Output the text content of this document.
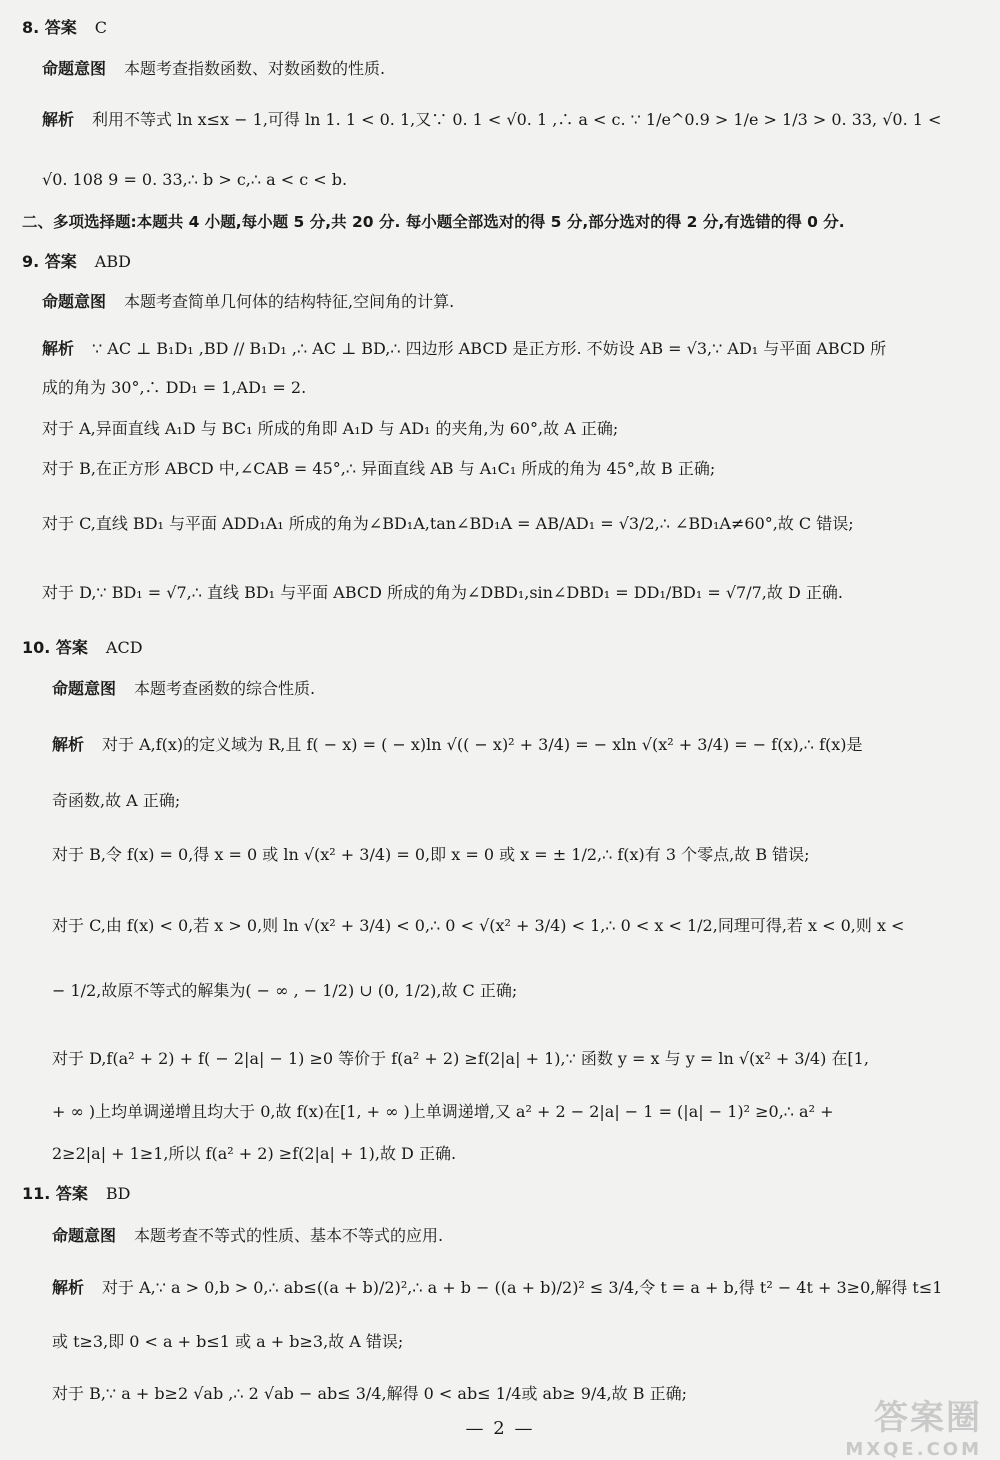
8. 答案 C
命题意图 本题考查指数函数、对数函数的性质.
解析 利用不等式 ln x≤x − 1,可得 ln 1. 1 < 0. 1,又∵ 0. 1 < √0. 1 ,∴ a < c. ∵ 1/e^0.9 > 1/e > 1/3 > 0. 33, √0. 1 <
√0. 108 9 = 0. 33,∴ b > c,∴ a < c < b.
二、多项选择题:本题共 4 小题,每小题 5 分,共 20 分. 每小题全部选对的得 5 分,部分选对的得 2 分,有选错的得 0 分.
9. 答案 ABD
命题意图 本题考查简单几何体的结构特征,空间角的计算.
解析 ∵ AC ⊥ B₁D₁ ,BD // B₁D₁ ,∴ AC ⊥ BD,∴ 四边形 ABCD 是正方形. 不妨设 AB = √3,∵ AD₁ 与平面 ABCD 所
成的角为 30°,∴ DD₁ = 1,AD₁ = 2.
对于 A,异面直线 A₁D 与 BC₁ 所成的角即 A₁D 与 AD₁ 的夹角,为 60°,故 A 正确;
对于 B,在正方形 ABCD 中,∠CAB = 45°,∴ 异面直线 AB 与 A₁C₁ 所成的角为 45°,故 B 正确;
对于 C,直线 BD₁ 与平面 ADD₁A₁ 所成的角为∠BD₁A,tan∠BD₁A = AB/AD₁ = √3/2,∴ ∠BD₁A≠60°,故 C 错误;
对于 D,∵ BD₁ = √7,∴ 直线 BD₁ 与平面 ABCD 所成的角为∠DBD₁,sin∠DBD₁ = DD₁/BD₁ = √7/7,故 D 正确.
10. 答案 ACD
命题意图 本题考查函数的综合性质.
解析 对于 A,f(x)的定义域为 R,且 f( − x) = ( − x)ln √(( − x)² + 3/4) = − xln √(x² + 3/4) = − f(x),∴ f(x)是
奇函数,故 A 正确;
对于 B,令 f(x) = 0,得 x = 0 或 ln √(x² + 3/4) = 0,即 x = 0 或 x = ± 1/2,∴ f(x)有 3 个零点,故 B 错误;
对于 C,由 f(x) < 0,若 x > 0,则 ln √(x² + 3/4) < 0,∴ 0 < √(x² + 3/4) < 1,∴ 0 < x < 1/2,同理可得,若 x < 0,则 x <
− 1/2,故原不等式的解集为( − ∞ , − 1/2) ∪ (0, 1/2),故 C 正确;
对于 D,f(a² + 2) + f( − 2|a| − 1) ≥0 等价于 f(a² + 2) ≥f(2|a| + 1),∵ 函数 y = x 与 y = ln √(x² + 3/4) 在[1,
+ ∞ )上均单调递增且均大于 0,故 f(x)在[1, + ∞ )上单调递增,又 a² + 2 − 2|a| − 1 = (|a| − 1)² ≥0,∴ a² +
2≥2|a| + 1≥1,所以 f(a² + 2) ≥f(2|a| + 1),故 D 正确.
11. 答案 BD
命题意图 本题考查不等式的性质、基本不等式的应用.
解析 对于 A,∵ a > 0,b > 0,∴ ab≤((a + b)/2)²,∴ a + b − ((a + b)/2)² ≤ 3/4,令 t = a + b,得 t² − 4t + 3≥0,解得 t≤1
或 t≥3,即 0 < a + b≤1 或 a + b≥3,故 A 错误;
对于 B,∵ a + b≥2 √ab ,∴ 2 √ab − ab≤ 3/4,解得 0 < ab≤ 1/4或 ab≥ 9/4,故 B 正确;
— 2 —	答案圈
MXQE.COM
